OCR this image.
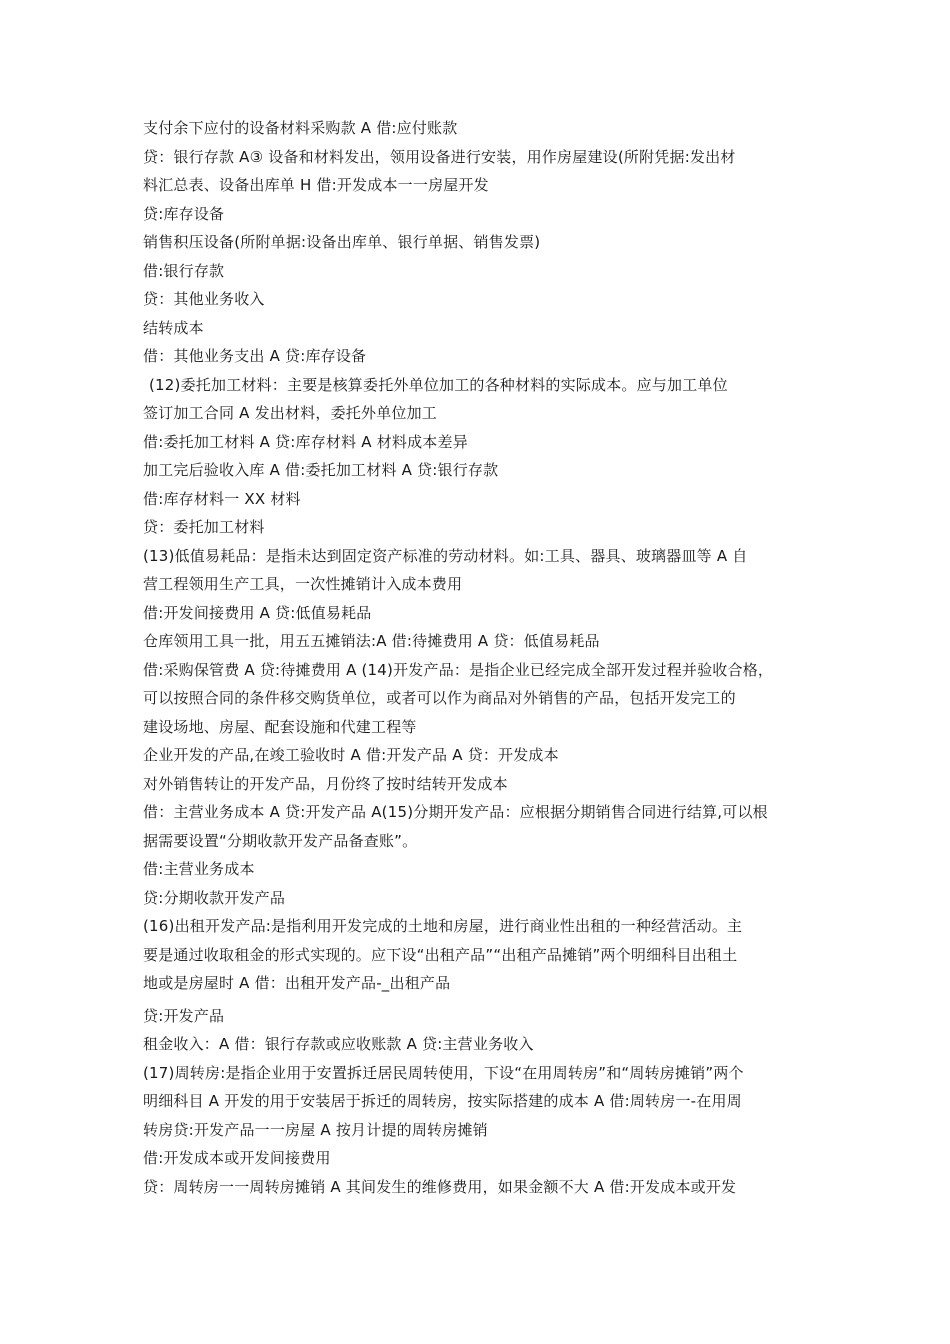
支付余下应付的设备材料采购款 A 借:应付账款
贷：银行存款 A③ 设备和材料发出，领用设备进行安装，用作房屋建设(所附凭据:发出材
料汇总表、设备出库单 H 借:开发成本一一房屋开发
贷:库存设备
销售积压设备(所附单据:设备出库单、银行单据、销售发票)
借:银行存款
贷：其他业务收入
结转成本
借：其他业务支出 A 贷:库存设备
(12)委托加工材料：主要是核算委托外单位加工的各种材料的实际成本。应与加工单位
签订加工合同 A 发出材料，委托外单位加工
借:委托加工材料 A 贷:库存材料 A 材料成本差异
加工完后验收入库 A 借:委托加工材料 A 贷:银行存款
借:库存材料一 XX 材料
贷：委托加工材料
(13)低值易耗品：是指未达到固定资产标准的劳动材料。如:工具、器具、玻璃器皿等 A 自
营工程领用生产工具，一次性摊销计入成本费用
借:开发间接费用 A 贷:低值易耗品
仓库领用工具一批，用五五摊销法:A 借:待摊费用 A 贷：低值易耗品
借:采购保管费 A 贷:待摊费用 A (14)开发产品：是指企业已经完成全部开发过程并验收合格，
可以按照合同的条件移交购货单位，或者可以作为商品对外销售的产品，包括开发完工的
建设场地、房屋、配套设施和代建工程等
企业开发的产品,在竣工验收时 A 借:开发产品 A 贷：开发成本
对外销售转让的开发产品，月份终了按时结转开发成本
借：主营业务成本 A 贷:开发产品 A(15)分期开发产品：应根据分期销售合同进行结算,可以根
据需要设置“分期收款开发产品备查账”。
借:主营业务成本
贷:分期收款开发产品
(16)出租开发产品:是指利用开发完成的土地和房屋，进行商业性出租的一种经营活动。主
要是通过收取租金的形式实现的。应下设“出租产品”“出租产品摊销”两个明细科目出租土
地或是房屋时 A 借：出租开发产品-_出租产品
贷:开发产品
租金收入：A 借：银行存款或应收账款 A 贷:主营业务收入
(17)周转房:是指企业用于安置拆迁居民周转使用，下设“在用周转房”和“周转房摊销”两个
明细科目 A 开发的用于安装居于拆迁的周转房，按实际搭建的成本 A 借:周转房一-在用周
转房贷:开发产品一一房屋 A 按月计提的周转房摊销
借:开发成本或开发间接费用
贷：周转房一一周转房摊销 A 其间发生的维修费用，如果金额不大 A 借:开发成本或开发
